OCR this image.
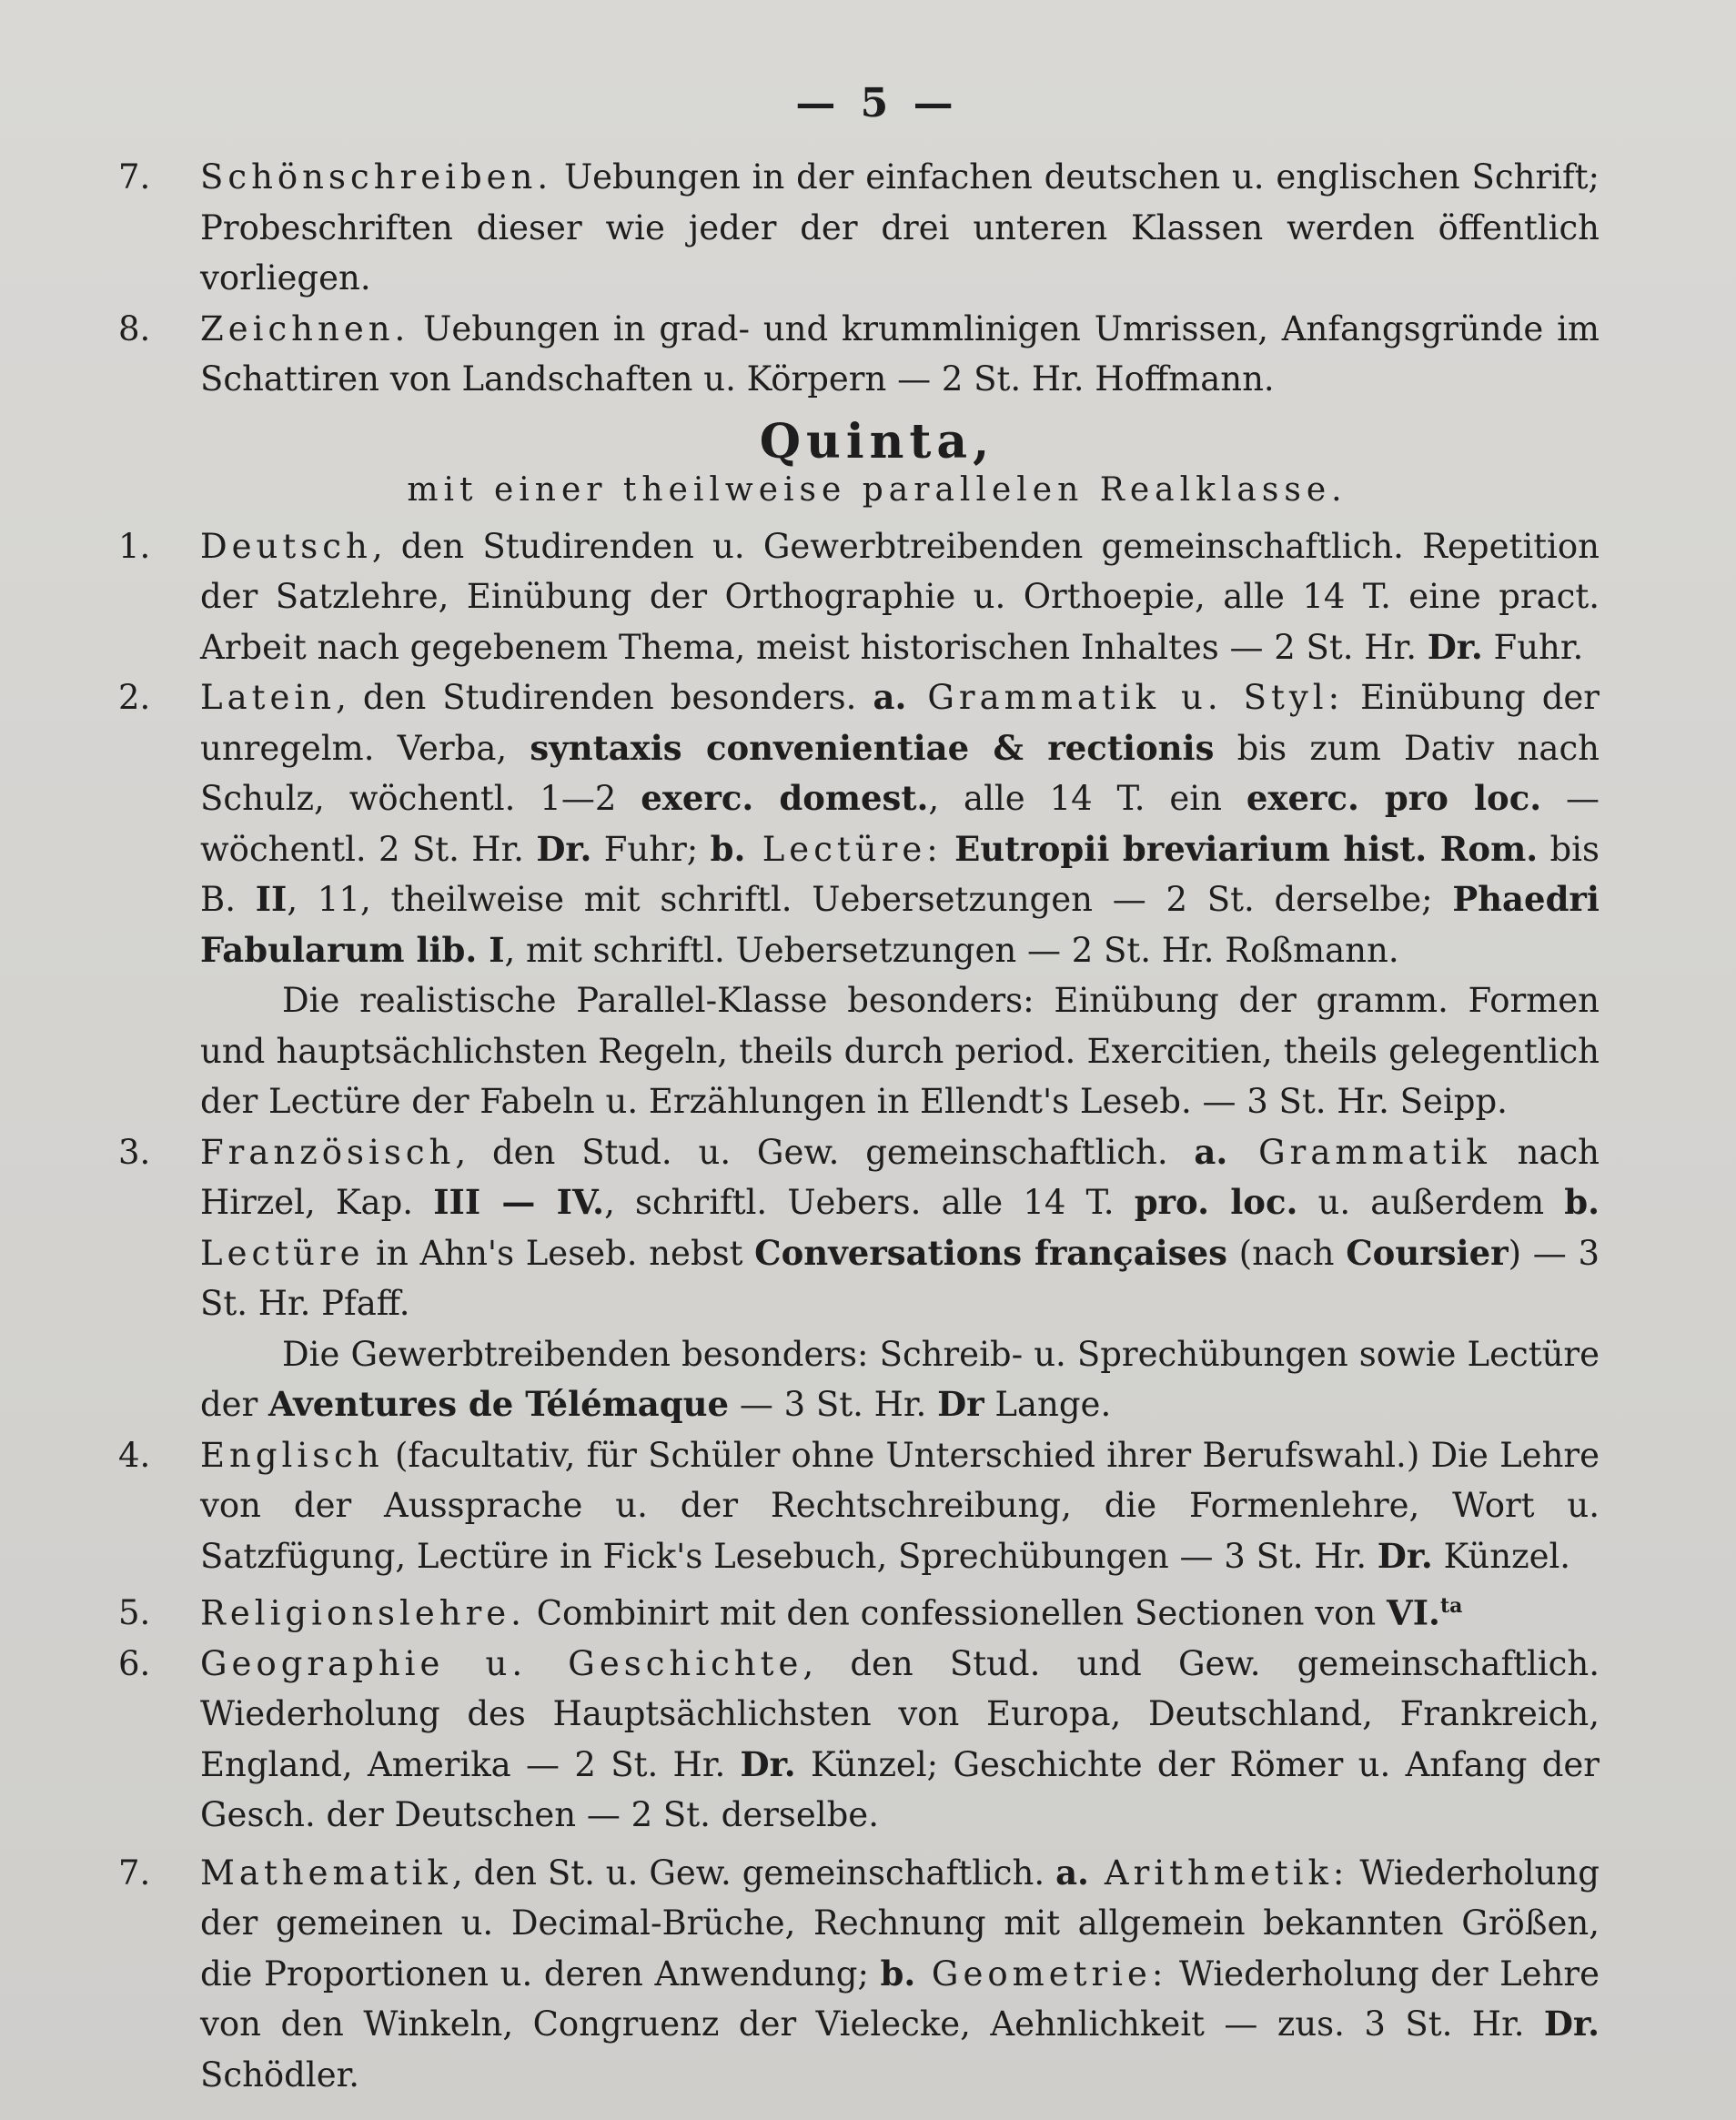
— 5 —

7. Schönschreiben. Uebungen in der einfachen deutschen u. englischen Schrift; Probeschriften dieser wie jeder der drei unteren Klassen werden öffentlich vorliegen.

8. Zeichnen. Uebungen in grad- und krummlinigen Umrissen, Anfangsgründe im Schattiren von Landschaften u. Körpern — 2 St. Hr. Hoffmann.

Quinta,
mit einer theilweise parallelen Realklasse.

1. Deutsch, den Studirenden u. Gewerbtreibenden gemeinschaftlich. Repetition der Satzlehre, Einübung der Orthographie u. Orthoepie, alle 14 T. eine pract. Arbeit nach gegebenem Thema, meist historischen Inhaltes — 2 St. Hr. Dr. Fuhr.

2. Latein, den Studirenden besonders. a. Grammatik u. Styl: Einübung der unregelm. Verba, syntaxis convenientiae & rectionis bis zum Dativ nach Schulz, wöchentl. 1—2 exerc. domest., alle 14 T. ein exerc. pro loc. — wöchentl. 2 St. Hr. Dr. Fuhr; b. Lectüre: Eutropii breviarium hist. Rom. bis B. II, 11, theilweise mit schriftl. Uebersetzungen — 2 St. derselbe; Phaedri Fabularum lib. I, mit schriftl. Uebersetzungen — 2 St. Hr. Roßmann.

Die realistische Parallel-Klasse besonders: Einübung der gramm. Formen und hauptsächlichsten Regeln, theils durch period. Exercitien, theils gelegentlich der Lectüre der Fabeln u. Erzählungen in Ellendt's Leseb. — 3 St. Hr. Seipp.

3. Französisch, den Stud. u. Gew. gemeinschaftlich. a. Grammatik nach Hirzel, Kap. III — IV., schriftl. Uebers. alle 14 T. pro. loc. u. außerdem b. Lectüre in Ahn's Leseb. nebst Conversations françaises (nach Coursier) — 3 St. Hr. Pfaff.

Die Gewerbtreibenden besonders: Schreib- u. Sprechübungen sowie Lectüre der Aventures de Télémaque — 3 St. Hr. Dr Lange.

4. Englisch (facultativ, für Schüler ohne Unterschied ihrer Berufswahl.) Die Lehre von der Aussprache u. der Rechtschreibung, die Formenlehre, Wort u. Satzfügung, Lectüre in Fick's Lesebuch, Sprechübungen — 3 St. Hr. Dr. Künzel.

5. Religionslehre. Combinirt mit den confessionellen Sectionen von VI.$^{ta}$

6. Geographie u. Geschichte, den Stud. und Gew. gemeinschaftlich. Wiederholung des Hauptsächlichsten von Europa, Deutschland, Frankreich, England, Amerika — 2 St. Hr. Dr. Künzel; Geschichte der Römer u. Anfang der Gesch. der Deutschen — 2 St. derselbe.

7. Mathematik, den St. u. Gew. gemeinschaftlich. a. Arithmetik: Wiederholung der gemeinen u. Decimal-Brüche, Rechnung mit allgemein bekannten Größen, die Proportionen u. deren Anwendung; b. Geometrie: Wiederholung der Lehre von den Winkeln, Congruenz der Vielecke, Aehnlichkeit — zus. 3 St. Hr. Dr. Schödler.
